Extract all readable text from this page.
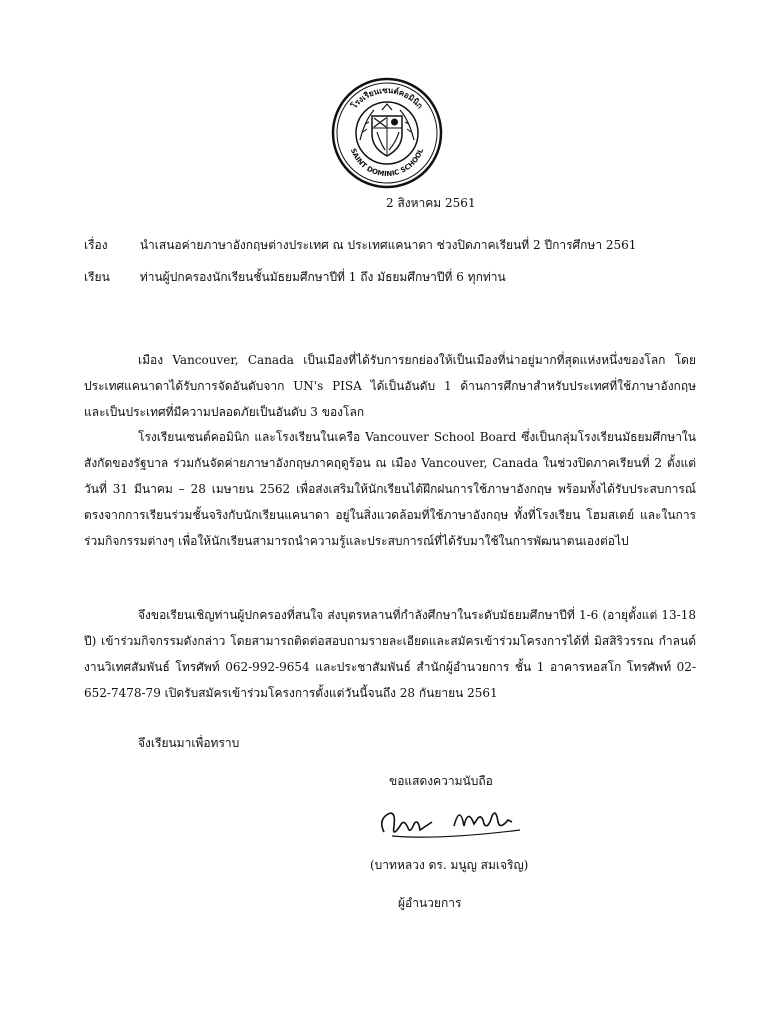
โรงเรียนเซนต์คอมินิก
SAINT DOMINIC SCHOOL
2 สิงหาคม 2561
เรื่อง	นำเสนอค่ายภาษาอังกฤษต่างประเทศ ณ ประเทศแคนาดา ช่วงปิดภาคเรียนที่ 2 ปีการศึกษา 2561
เรียน	ท่านผู้ปกครองนักเรียนชั้นมัธยมศึกษาปีที่ 1 ถึง มัธยมศึกษาปีที่ 6 ทุกท่าน

เมือง Vancouver, Canada เป็นเมืองที่ได้รับการยกย่องให้เป็นเมืองที่น่าอยู่มากที่สุดแห่งหนึ่งของโลก โดยประเทศแคนาดาได้รับการจัดอันดับจาก UN's PISA ได้เป็นอันดับ 1 ด้านการศึกษาสำหรับประเทศที่ใช้ภาษาอังกฤษ และเป็นประเทศที่มีความปลอดภัยเป็นอันดับ 3 ของโลก

โรงเรียนเซนต์คอมินิก และโรงเรียนในเครือ Vancouver School Board ซึ่งเป็นกลุ่มโรงเรียนมัธยมศึกษาในสังกัดของรัฐบาล ร่วมกันจัดค่ายภาษาอังกฤษภาคฤดูร้อน ณ เมือง Vancouver, Canada ในช่วงปิดภาคเรียนที่ 2 ตั้งแต่วันที่ 31 มีนาคม – 28 เมษายน 2562 เพื่อส่งเสริมให้นักเรียนได้ฝึกฝนการใช้ภาษาอังกฤษ พร้อมทั้งได้รับประสบการณ์ตรงจากการเรียนร่วมชั้นจริงกับนักเรียนแคนาดา อยู่ในสิ่งแวดล้อมที่ใช้ภาษาอังกฤษ ทั้งที่โรงเรียน โฮมสเตย์ และในการร่วมกิจกรรมต่างๆ เพื่อให้นักเรียนสามารถนำความรู้และประสบการณ์ที่ได้รับมาใช้ในการพัฒนาตนเองต่อไป

จึงขอเรียนเชิญท่านผู้ปกครองที่สนใจ ส่งบุตรหลานที่กำลังศึกษาในระดับมัธยมศึกษาปีที่ 1-6 (อายุตั้งแต่ 13-18 ปี) เข้าร่วมกิจกรรมดังกล่าว โดยสามารถติดต่อสอบถามรายละเอียดและสมัครเข้าร่วมโครงการได้ที่ มิสสิริวรรณ กำลนด์ งานวิเทศสัมพันธ์ โทรศัพท์ 062-992-9654 และประชาสัมพันธ์ สำนักผู้อำนวยการ ชั้น 1 อาคารหอสโก โทรศัพท์ 02-652-7478-79 เปิดรับสมัครเข้าร่วมโครงการตั้งแต่วันนี้จนถึง 28 กันยายน 2561

จึงเรียนมาเพื่อทราบ
ขอแสดงความนับถือ
(บาทหลวง ดร. มนูญ สมเจริญ)
ผู้อำนวยการ
